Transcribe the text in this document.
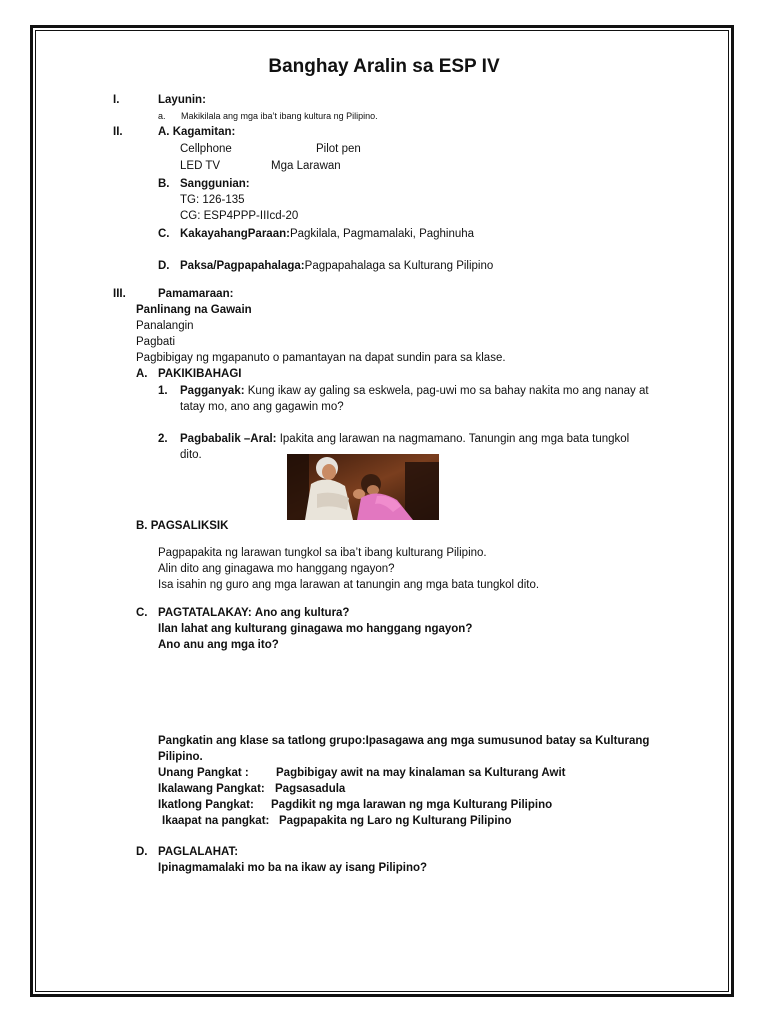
Banghay Aralin sa ESP IV
I.	Layunin:
a. Makikilala ang mga iba’t ibang kultura ng Pilipino.
II.	A. Kagamitan:
Cellphone	Pilot pen
LED TV	Mga Larawan
B. Sanggunian:
TG: 126-135
CG: ESP4PPP-IIIcd-20
C. KakayahangParaan:Pagkilala, Pagmamalaki, Paghinuha
D. Paksa/Pagpapahalaga:Pagpapahalaga sa Kulturang Pilipino
III.	Pamamaraan:
Panlinang na Gawain
Panalangin
Pagbati
Pagbibigay ng mgapanuto o pamantayan na dapat sundin para sa klase.
A. PAKIKIBAHAGI
1. Pagganyak: Kung ikaw ay galing sa eskwela, pag-uwi mo sa bahay nakita mo ang nanay at
tatay mo, ano ang gagawin mo?
2. Pagbabalik –Aral: Ipakita ang larawan na nagmamano. Tanungin ang mga bata tungkol
dito.
B. PAGSALIKSIK
Pagpapakita ng larawan tungkol sa iba’t ibang kulturang Pilipino.
Alin dito ang ginagawa mo hanggang ngayon?
Isa isahin ng guro ang mga larawan at tanungin ang mga bata tungkol dito.
C. PAGTATALAKAY: Ano ang kultura?
Ilan lahat ang kulturang ginagawa mo hanggang ngayon?
Ano anu ang mga ito?
Pangkatin ang klase sa tatlong grupo:Ipasagawa ang mga sumusunod batay sa Kulturang
Pilipino.
Unang Pangkat : Pagbibigay awit na may kinalaman sa Kulturang Awit
Ikalawang Pangkat: Pagsasadula
Ikatlong Pangkat: Pagdikit ng mga larawan ng mga Kulturang Pilipino
Ikaapat na pangkat: Pagpapakita ng Laro ng Kulturang Pilipino
D. PAGLALAHAT:
Ipinagmamalaki mo ba na ikaw ay isang Pilipino?
